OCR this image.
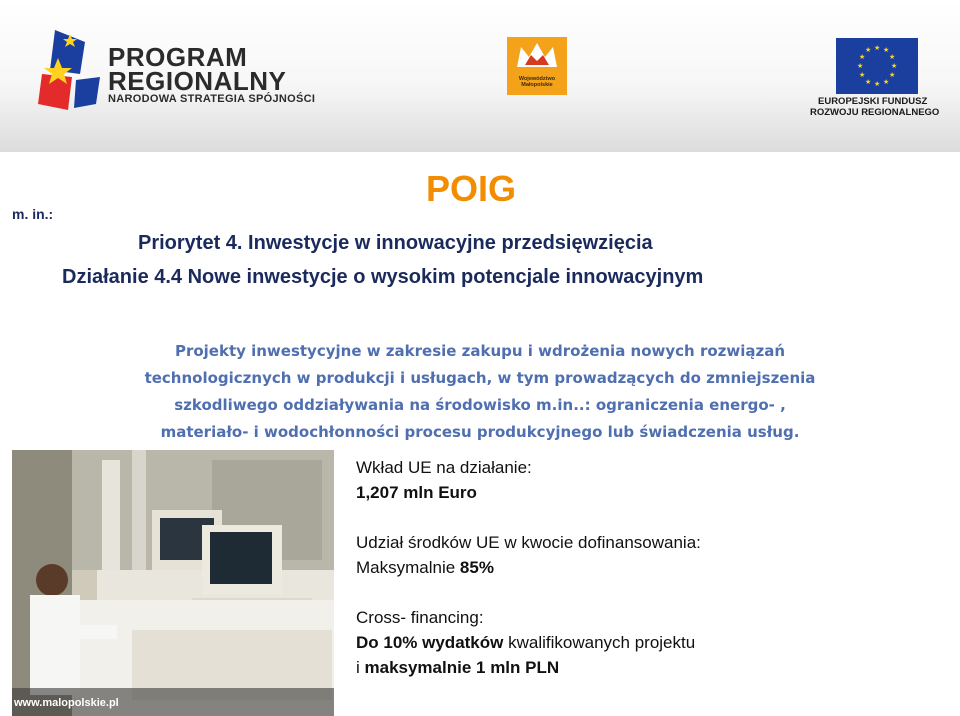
PROGRAM
REGIONALNY
NARODOWA STRATEGIA SPÓJNOŚCI
Województwo Małopolskie
★ ★
★
★
★
★
★
★
★
★
★
★
EUROPEJSKI FUNDUSZ
ROZWOJU REGIONALNEGO
m. in.:
POIG
Priorytet 4. Inwestycje w innowacyjne przedsięwzięcia
Działanie 4.4 Nowe inwestycje o wysokim potencjale innowacyjnym
Projekty inwestycyjne w zakresie zakupu i wdrożenia nowych rozwiązań
technologicznych w produkcji i usługach, w tym prowadzących do zmniejszenia
szkodliwego oddziaływania na środowisko m.in..: ograniczenia energo- ,
materiało- i wodochłonności procesu produkcyjnego lub świadczenia usług.
www.malopolskie.pl
Wkład UE na działanie:
1,207 mln Euro
Udział środków UE w kwocie dofinansowania:
Maksymalnie 85%
Cross- financing:
Do 10% wydatków kwalifikowanych projektu
i maksymalnie 1 mln PLN
